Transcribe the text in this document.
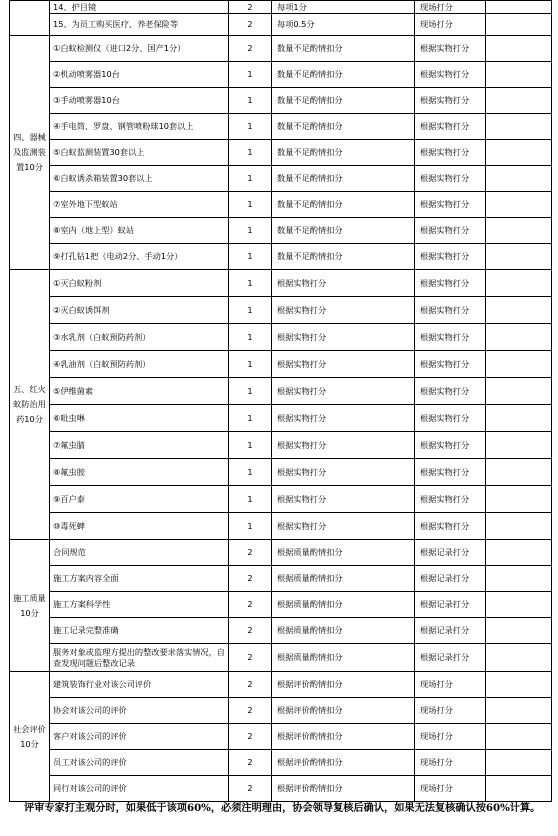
	14、护目镜	2	每项1分	现场打分	
	15、为员工购买医疗、养老保险等	2	每项0.5分	现场打分	
四、器械及监测装置10分	①白蚁检测仪（进口2分、国产1分）	2	数量不足酌情扣分	根据实物打分	
	②机动喷雾器10台	1	数量不足酌情扣分	根据实物打分	
	③手动喷雾器10台	1	数量不足酌情扣分	根据实物打分	
	④手电筒、罗盘、钢管喷粉球10套以上	1	数量不足酌情扣分	根据实物打分	
	⑤白蚁监测装置30套以上	1	数量不足酌情扣分	根据实物打分	
	⑥白蚁诱杀箱装置30套以上	1	数量不足酌情扣分	根据实物打分	
	⑦室外地下型蚁站	1	数量不足酌情扣分	根据实物打分	
	⑧室内（地上型）蚁站	1	数量不足酌情扣分	根据实物打分	
	⑨打孔钻1把（电动2分、手动1分）	1	数量不足酌情扣分	根据实物打分	
五、红火蚁防治用药10分	①灭白蚁粉剂	1	根据实物打分	根据实物打分	
	②灭白蚁诱饵剂	1	根据实物打分	根据实物打分	
	③水乳剂（白蚁预防药剂）	1	根据实物打分	根据实物打分	
	④乳油剂（白蚁预防药剂）	1	根据实物打分	根据实物打分	
	⑤伊维菌素	1	根据实物打分	根据实物打分	
	⑥吡虫啉	1	根据实物打分	根据实物打分	
	⑦氟虫腈	1	根据实物打分	根据实物打分	
	⑧氟虫胺	1	根据实物打分	根据实物打分	
	⑨百户泰	1	根据实物打分	根据实物打分	
	⑩毒死蜱	1	根据实物打分	根据实物打分	
施工质量10分	合同规范	2	根据质量酌情扣分	根据记录打分	
	施工方案内容全面	2	根据质量酌情扣分	根据记录打分	
	施工方案科学性	2	根据质量酌情扣分	根据记录打分	
	施工记录完整准确	2	根据质量酌情扣分	根据记录打分	
	服务对象或监理方提出的整改要求落实情况，自查发现问题后整改记录	2	根据质量酌情扣分	根据记录打分	
社会评价10分	建筑装饰行业对该公司评价	2	根据评价酌情扣分	现场打分	
	协会对该公司的评价	2	根据评价酌情扣分	现场打分	
	客户对该公司的评价	2	根据评价酌情扣分	现场打分	
	员工对该公司的评价	2	根据评价酌情扣分	现场打分	
	同行对该公司的评价	2	根据评价酌情扣分	现场打分	
评审专家打主观分时，如果低于该项60%，必须注明理由，协会领导复核后确认，如果无法复核确认按60%计算。
